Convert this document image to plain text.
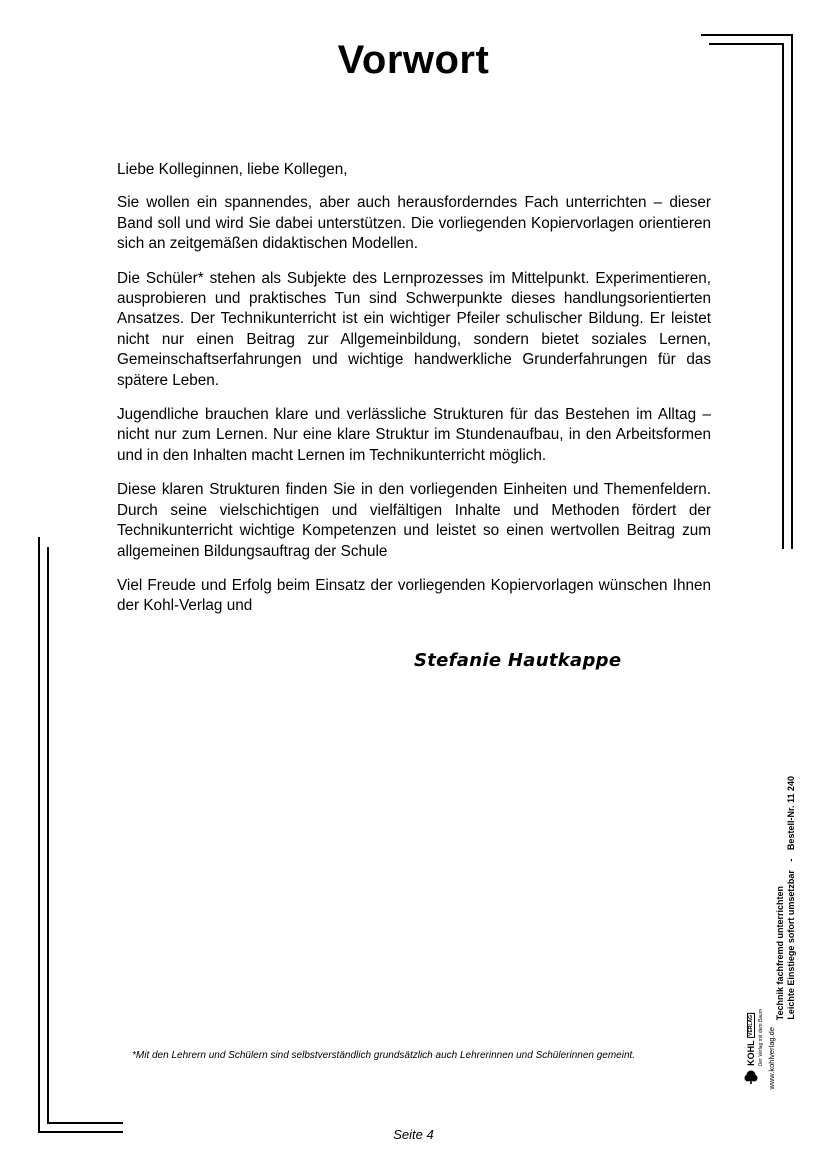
Vorwort

Liebe Kolleginnen, liebe Kollegen,

Sie wollen ein spannendes, aber auch herausforderndes Fach unterrichten – dieser Band soll und wird Sie dabei unterstützen. Die vorliegenden Kopiervorlagen orientieren sich an zeitgemäßen didaktischen Modellen.

Die Schüler* stehen als Subjekte des Lernprozesses im Mittelpunkt. Experimentieren, ausprobieren und praktisches Tun sind Schwerpunkte dieses handlungsorientierten Ansatzes. Der Technikunterricht ist ein wichtiger Pfeiler schulischer Bildung. Er leistet nicht nur einen Beitrag zur Allgemeinbildung, sondern bietet soziales Lernen, Gemeinschaftserfahrungen und wichtige handwerkliche Grunderfahrungen für das spätere Leben.

Jugendliche brauchen klare und verlässliche Strukturen für das Bestehen im Alltag – nicht nur zum Lernen. Nur eine klare Struktur im Stundenaufbau, in den Arbeitsformen und in den Inhalten macht Lernen im Technikunterricht möglich.

Diese klaren Strukturen finden Sie in den vorliegenden Einheiten und Themenfeldern. Durch seine vielschichtigen und vielfältigen Inhalte und Methoden fördert der Technikunterricht wichtige Kompetenzen und leistet so einen wertvollen Beitrag zum allgemeinen Bildungsauftrag der Schule

Viel Freude und Erfolg beim Einsatz der vorliegenden Kopiervorlagen wünschen Ihnen der Kohl-Verlag und

Stefanie Hautkappe
*Mit den Lehrern und Schülern sind selbstverständlich grundsätzlich auch Lehrerinnen und Schülerinnen gemeint.
Seite 4
KOHL VERLAG Der Verlag mit dem Baum www.kohlverlag.de
Technik fachfremd unterrichten Leichte Einstiege sofort umsetzbar - Bestell-Nr. 11 240
